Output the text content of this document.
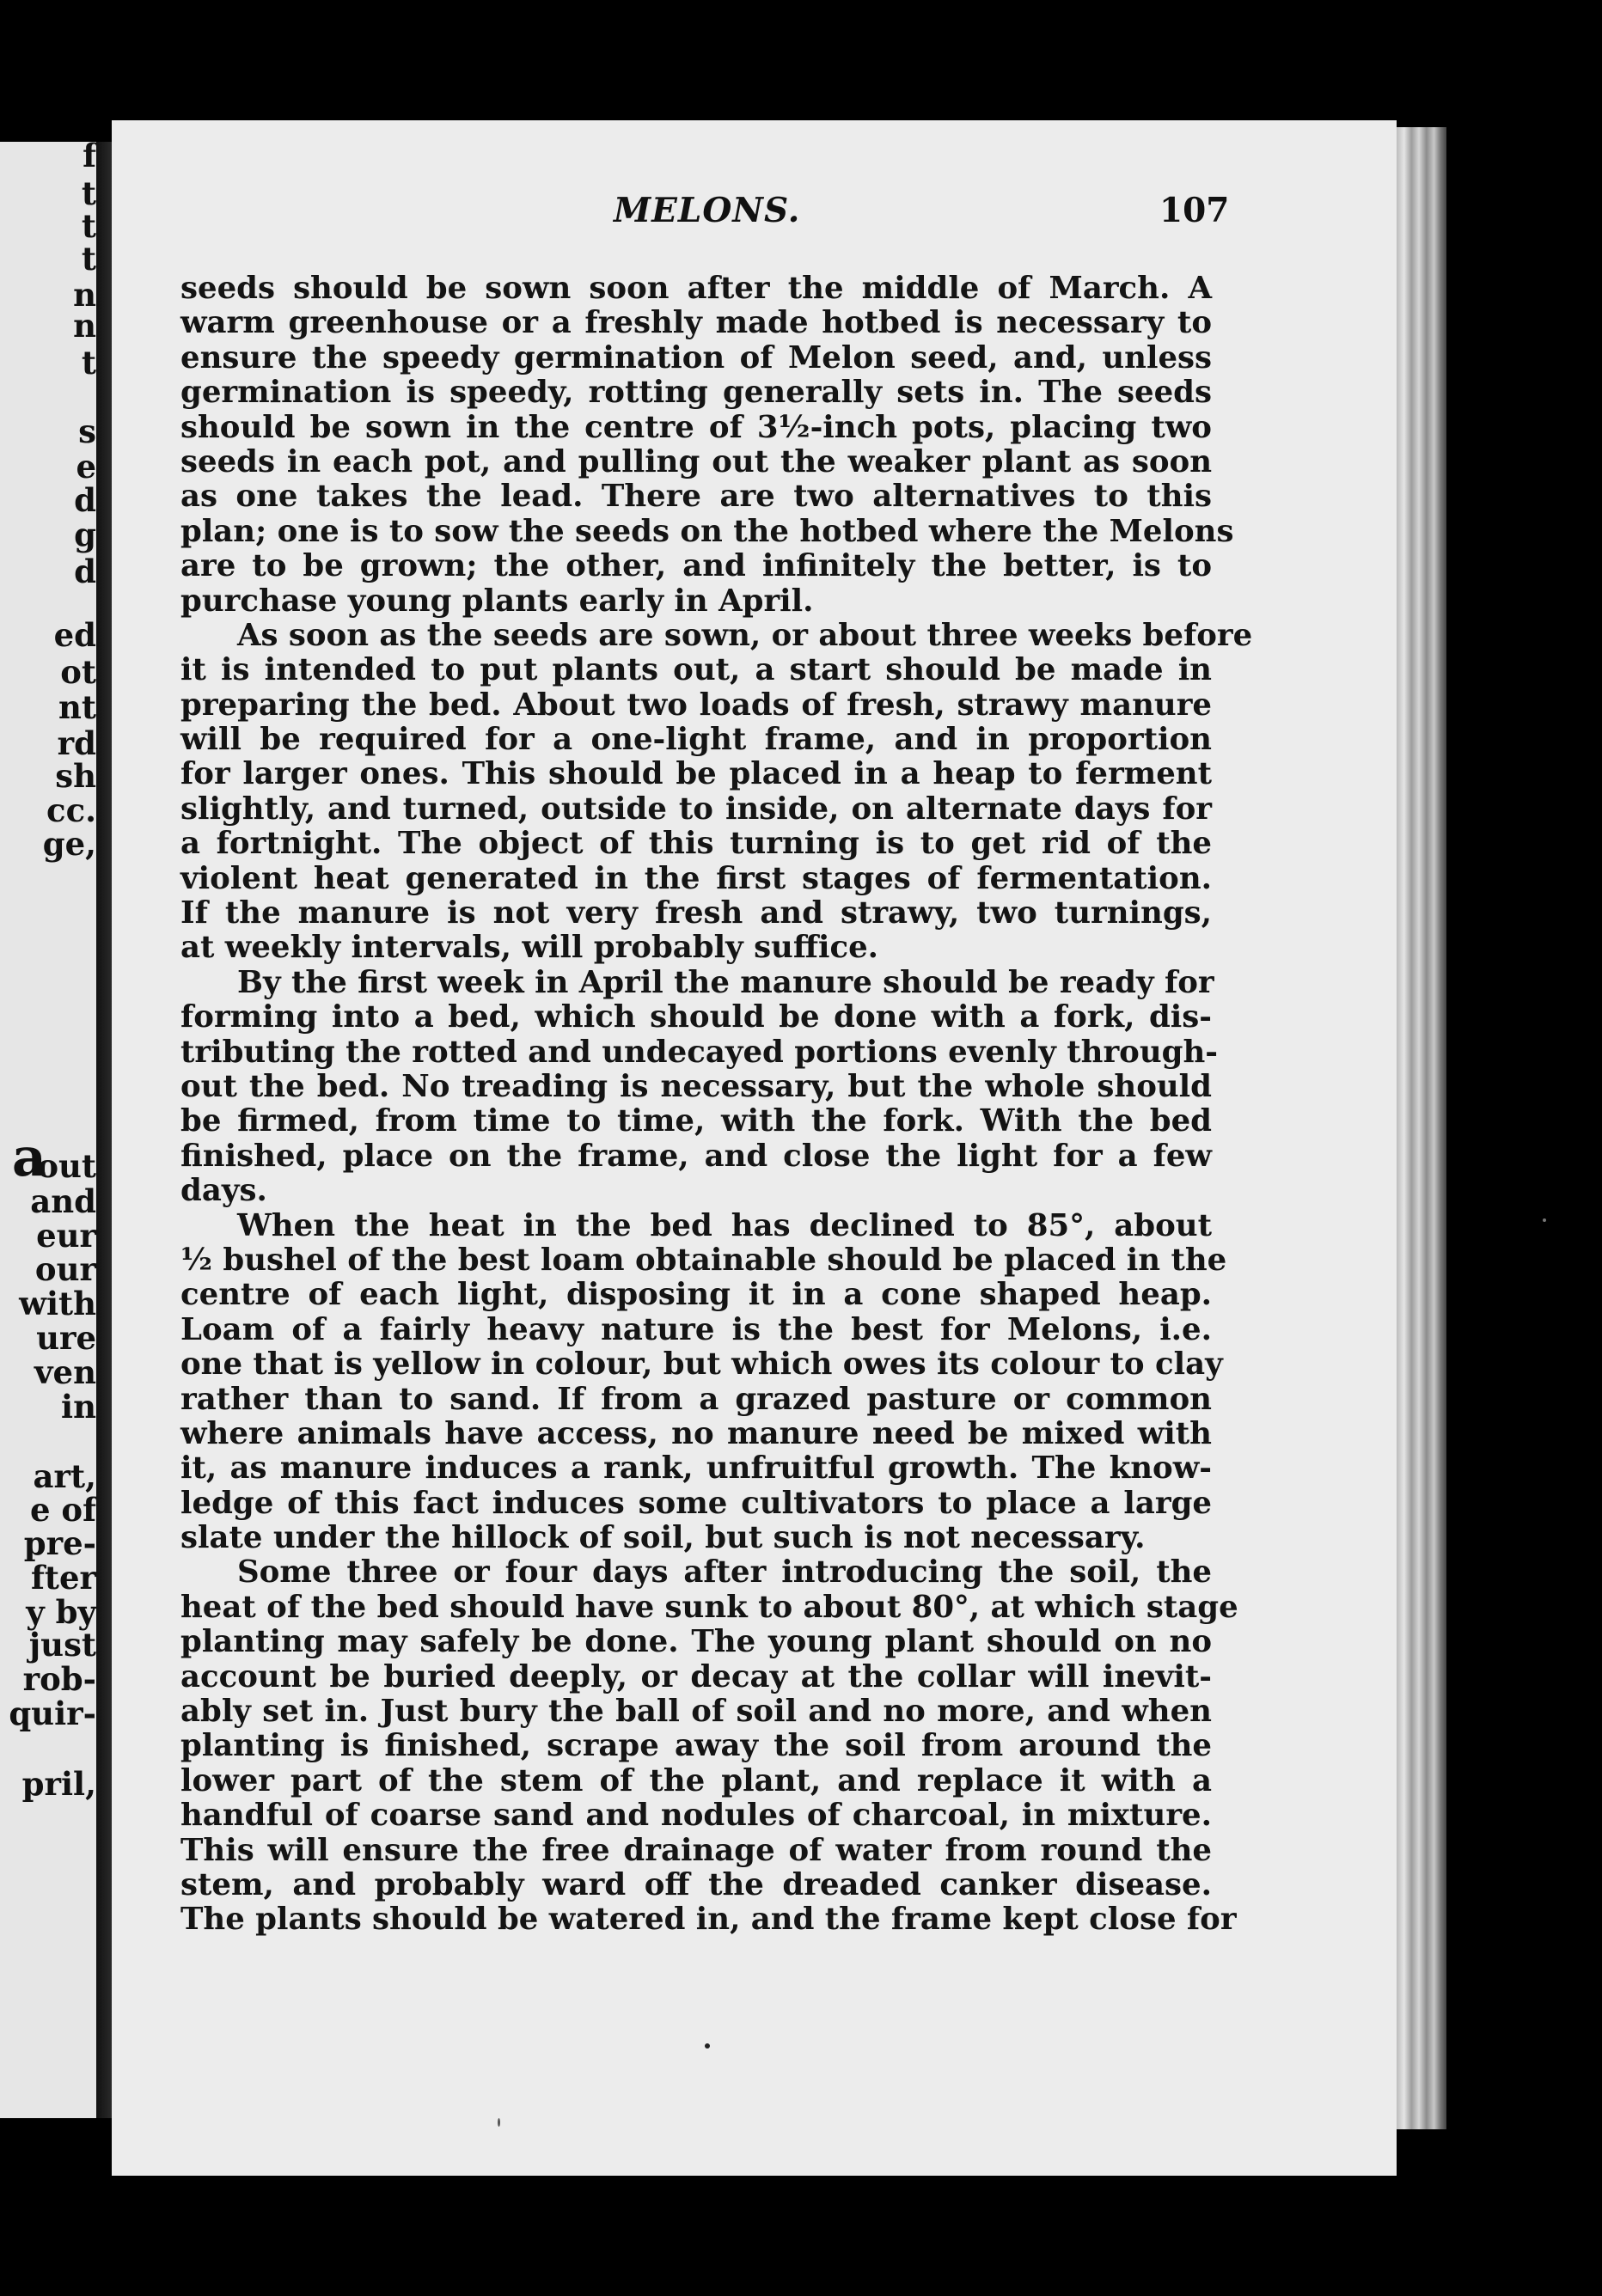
f
t
t
t
n
n
t
s
e
d
g
d
ed
ot
nt
rd
sh
cc.
ge,
out
and
eur
our
with
ure
ven
in
art,
e of
pre-
fter
y by
just
rob-
quir-
pril,
a
MELONS.	107
seeds should be sown soon after the middle of March. A
warm greenhouse or a freshly made hotbed is necessary to
ensure the speedy germination of Melon seed, and, unless
germination is speedy, rotting generally sets in. The seeds
should be sown in the centre of 3½-inch pots, placing two
seeds in each pot, and pulling out the weaker plant as soon
as one takes the lead. There are two alternatives to this
plan; one is to sow the seeds on the hotbed where the Melons
are to be grown; the other, and infinitely the better, is to
purchase young plants early in April.
As soon as the seeds are sown, or about three weeks before
it is intended to put plants out, a start should be made in
preparing the bed. About two loads of fresh, strawy manure
will be required for a one-light frame, and in proportion
for larger ones. This should be placed in a heap to ferment
slightly, and turned, outside to inside, on alternate days for
a fortnight. The object of this turning is to get rid of the
violent heat generated in the first stages of fermentation.
If the manure is not very fresh and strawy, two turnings,
at weekly intervals, will probably suffice.
By the first week in April the manure should be ready for
forming into a bed, which should be done with a fork, dis-
tributing the rotted and undecayed portions evenly through-
out the bed. No treading is necessary, but the whole should
be firmed, from time to time, with the fork. With the bed
finished, place on the frame, and close the light for a few
days.
When the heat in the bed has declined to 85°, about
½ bushel of the best loam obtainable should be placed in the
centre of each light, disposing it in a cone shaped heap.
Loam of a fairly heavy nature is the best for Melons, i.e.
one that is yellow in colour, but which owes its colour to clay
rather than to sand. If from a grazed pasture or common
where animals have access, no manure need be mixed with
it, as manure induces a rank, unfruitful growth. The know-
ledge of this fact induces some cultivators to place a large
slate under the hillock of soil, but such is not necessary.
Some three or four days after introducing the soil, the
heat of the bed should have sunk to about 80°, at which stage
planting may safely be done. The young plant should on no
account be buried deeply, or decay at the collar will inevit-
ably set in. Just bury the ball of soil and no more, and when
planting is finished, scrape away the soil from around the
lower part of the stem of the plant, and replace it with a
handful of coarse sand and nodules of charcoal, in mixture.
This will ensure the free drainage of water from round the
stem, and probably ward off the dreaded canker disease.
The plants should be watered in, and the frame kept close for
